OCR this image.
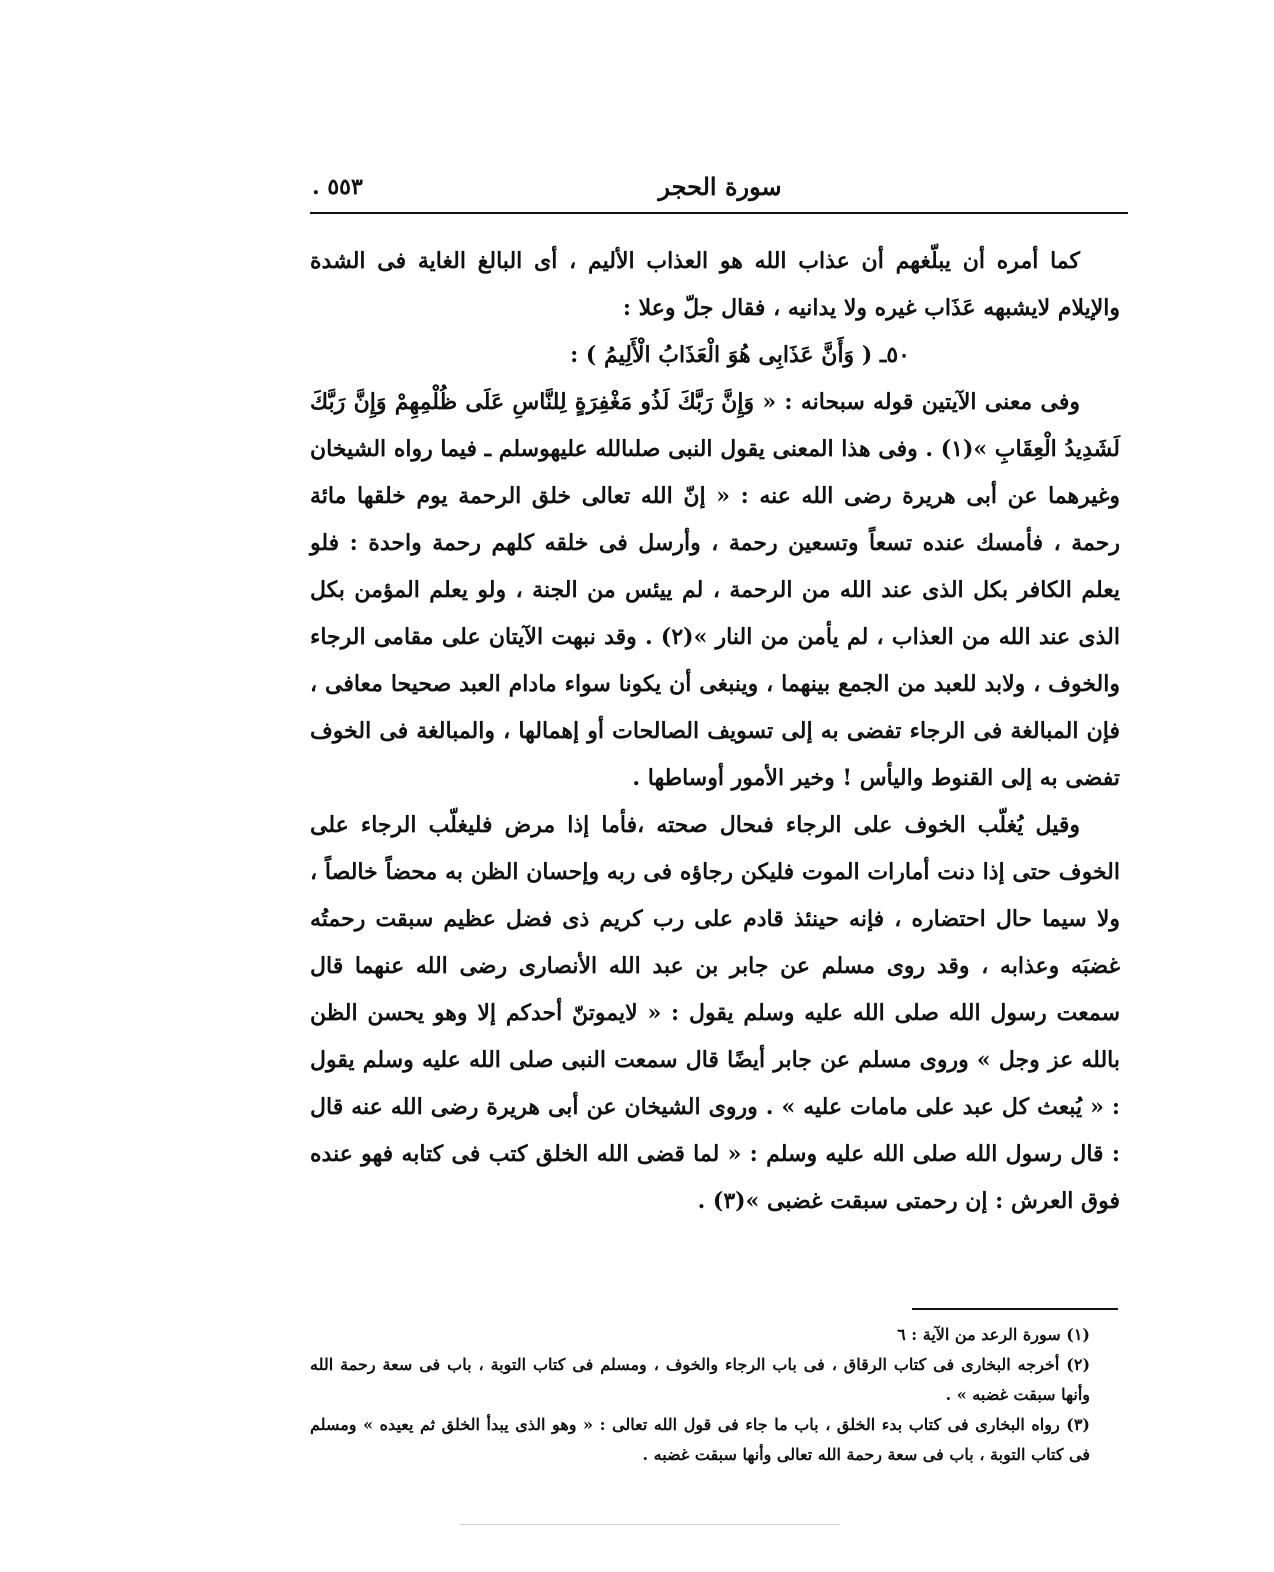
سورة الحجر
٥٥٣ .

كما أمره أن يبلّغهم أن عذاب الله هو العذاب الأليم ، أى البالغ الغاية فى الشدة والإيلام لايشبهه عَذَاب غيره ولا يدانيه ، فقال جلّ وعلا :

٥٠ـ ( وَأَنَّ عَذَابِى هُوَ الْعَذَابُ الْأَلِيمُ ) :

وفى معنى الآيتين قوله سبحانه : « وَإِنَّ رَبَّكَ لَذُو مَغْفِرَةٍ لِلنَّاسِ عَلَى ظُلْمِهِمْ وَإِنَّ رَبَّكَ لَشَدِيدُ الْعِقَابِ »(١) . وفى هذا المعنى يقول النبى صلىالله عليهوسلم ـ فيما رواه الشيخان وغيرهما عن أبى هريرة رضى الله عنه : « إنّ الله تعالى خلق الرحمة يوم خلقها مائة رحمة ، فأمسك عنده تسعاً وتسعين رحمة ، وأرسل فى خلقه كلهم رحمة واحدة : فلو يعلم الكافر بكل الذى عند الله من الرحمة ، لم ييئس من الجنة ، ولو يعلم المؤمن بكل الذى عند الله من العذاب ، لم يأمن من النار »(٢) . وقد نبهت الآيتان على مقامى الرجاء والخوف ، ولابد للعبد من الجمع بينهما ، وينبغى أن يكونا سواء مادام العبد صحيحا معافى ، فإن المبالغة فى الرجاء تفضى به إلى تسويف الصالحات أو إهمالها ، والمبالغة فى الخوف تفضى به إلى القنوط واليأس ! وخير الأمور أوساطها .

وقيل يُغلّب الخوف على الرجاء فىحال صحته ،فأما إذا مرض فليغلّب الرجاء على الخوف حتى إذا دنت أمارات الموت فليكن رجاؤه فى ربه وإحسان الظن به محضاً خالصاً ، ولا سيما حال احتضاره ، فإنه حينئذ قادم على رب كريم ذى فضل عظيم سبقت رحمتُه غضبَه وعذابه ، وقد روى مسلم عن جابر بن عبد الله الأنصارى رضى الله عنهما قال سمعت رسول الله صلى الله عليه وسلم يقول : « لايموتنّ أحدكم إلا وهو يحسن الظن بالله عز وجل » وروى مسلم عن جابر أيضًا قال سمعت النبى صلى الله عليه وسلم يقول : « يُبعث كل عبد على مامات عليه » . وروى الشيخان عن أبى هريرة رضى الله عنه قال : قال رسول الله صلى الله عليه وسلم : « لما قضى الله الخلق كتب فى كتابه فهو عنده فوق العرش : إن رحمتى سبقت غضبى »(٣) .

(١) سورة الرعد من الآية : ٦

(٢) أخرجه البخارى فى كتاب الرقاق ، فى باب الرجاء والخوف ، ومسلم فى كتاب التوبة ، باب فى سعة رحمة الله وأنها سبقت غضبه » .

(٣) رواه البخارى فى كتاب بدء الخلق ، باب ما جاء فى قول الله تعالى : « وهو الذى يبدأ الخلق ثم يعيده » ومسلم فى كتاب التوبة ، باب فى سعة رحمة الله تعالى وأنها سبقت غضبه .
